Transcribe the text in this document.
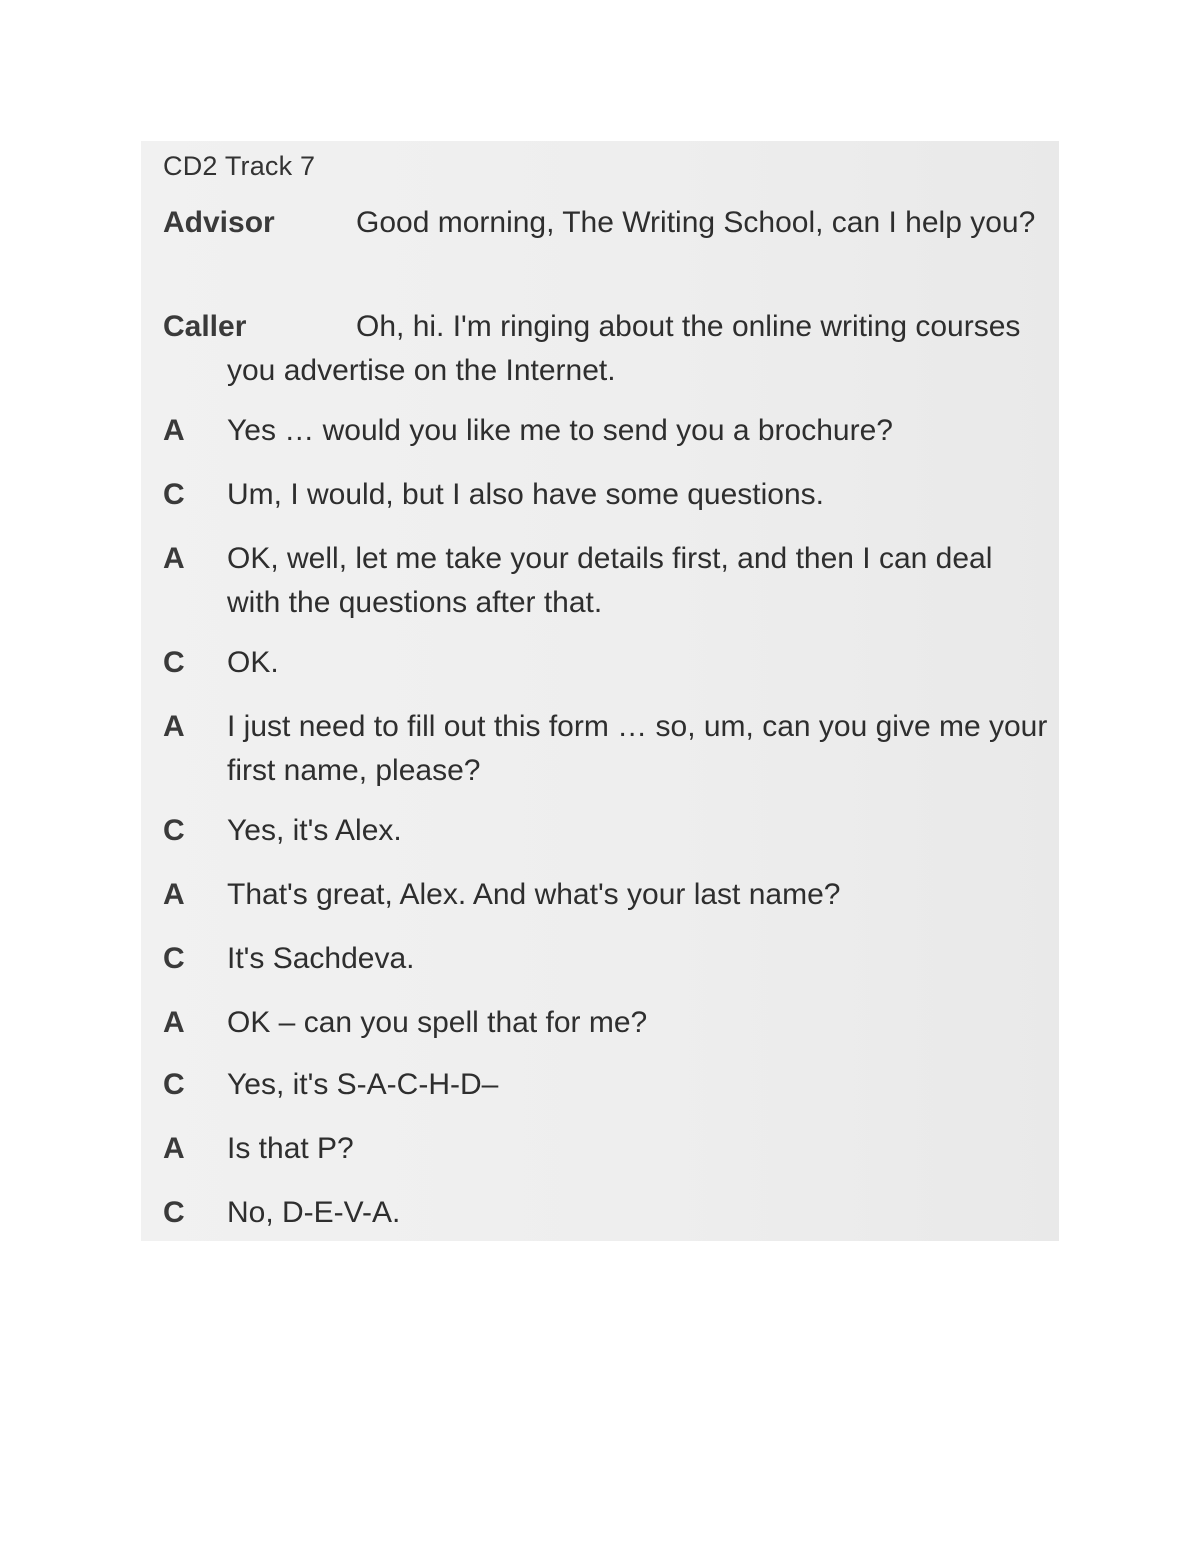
CD2 Track 7
Advisor	Good morning, The Writing School, can I help you?
Caller	Oh, hi. I'm ringing about the online writing courses you advertise on the Internet.
A	Yes … would you like me to send you a brochure?
C	Um, I would, but I also have some questions.
A	OK, well, let me take your details first, and then I can deal with the questions after that.
C	OK.
A	I just need to fill out this form … so, um, can you give me your first name, please?
C	Yes, it's Alex.
A	That's great, Alex. And what's your last name?
C	It's Sachdeva.
A	OK – can you spell that for me?
C	Yes, it's S-A-C-H-D–
A	Is that P?
C	No, D-E-V-A.
